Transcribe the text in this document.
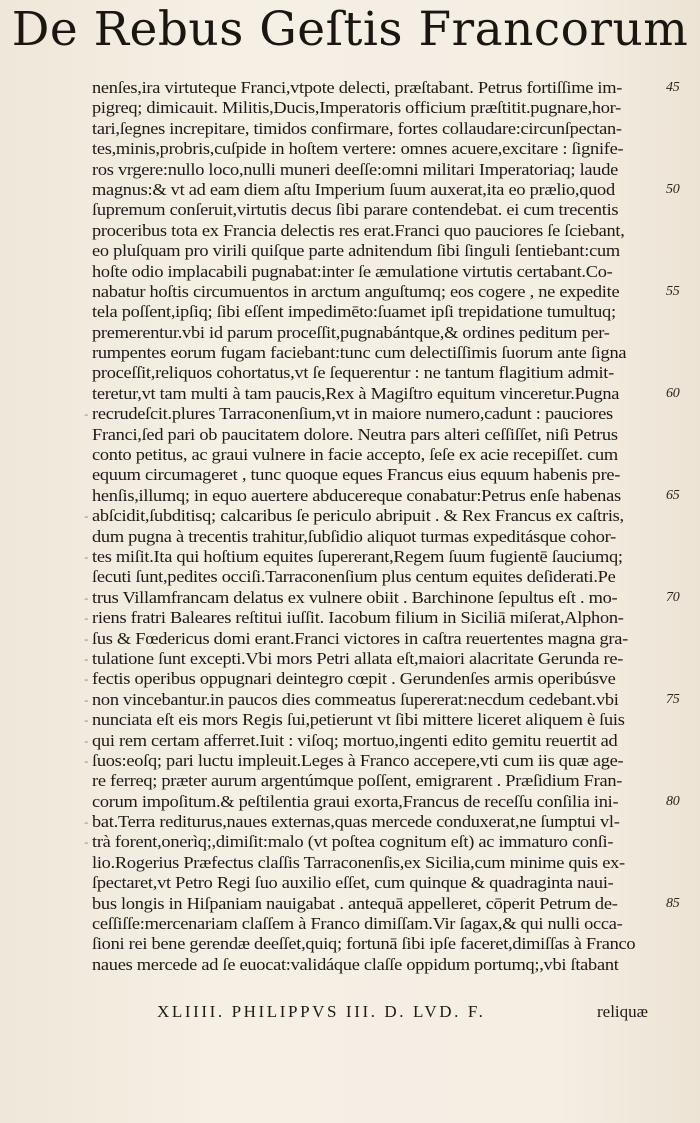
De Rebus Geſtis Francorum
nenſes,ira virtuteque Franci,vtpote delecti, præſtabant. Petrus fortiſſime im-	45
pigreq; dimicauit. Militis,Ducis,Imperatoris officium præſtitit.pugnare,hor-
tari,ſegnes increpitare, timidos confirmare, fortes collaudare:circunſpectan-
tes,minis,probris,cuſpide in hoſtem vertere: omnes acuere,excitare : ſignife-
ros vrgere:nullo loco,nulli muneri deeſſe:omni militari Imperatoriaq; laude
magnus:& vt ad eam diem aſtu Imperium ſuum auxerat,ita eo prælio,quod	50
ſupremum conſeruit,virtutis decus ſibi parare contendebat. ei cum trecentis
proceribus tota ex Francia delectis res erat.Franci quo pauciores ſe ſciebant,
eo pluſquam pro virili quiſque parte adnitendum ſibi ſinguli ſentiebant:cum
hoſte odio implacabili pugnabat:inter ſe æmulatione virtutis certabant.Co-
nabatur hoſtis circumuentos in arctum anguſtumq; eos cogere , ne expedite	55
tela poſſent,ipſiq; ſibi eſſent impedimēto:ſuamet ipſi trepidatione tumultuq;
premerentur.vbi id parum proceſſit,pugnabántque,& ordines peditum per-
rumpentes eorum fugam faciebant:tunc cum delectiſſimis ſuorum ante ſigna
proceſſit,reliquos cohortatus,vt ſe ſequerentur : ne tantum flagitium admit-
teretur,vt tam multi à tam paucis,Rex à Magiſtro equitum vinceretur.Pugna	60
recrudeſcit.plures Tarraconenſium,vt in maiore numero,cadunt : pauciores
-
Franci,ſed pari ob paucitatem dolore. Neutra pars alteri ceſſiſſet, niſi Petrus
conto petitus, ac graui vulnere in facie accepto, ſeſe ex acie recepiſſet. cum
equum circumageret , tunc quoque eques Francus eius equum habenis pre-
henſis,illumq; in equo auertere abducereque conabatur:Petrus enſe habenas	65
abſcidit,ſubditisq; calcaribus ſe periculo abripuit . & Rex Francus ex caſtris,
-
dum pugna à trecentis trahitur,ſubſidio aliquot turmas expeditásque cohor-
tes miſit.Ita qui hoſtium equites ſupererant,Regem ſuum fugientē ſauciumq;
-
ſecuti ſunt,pedites occiſi.Tarraconenſium plus centum equites deſiderati.Pe
trus Villamfrancam delatus ex vulnere obiit . Barchinone ſepultus eſt . mo-
-	70
riens fratri Baleares reſtitui iuſſit. Iacobum filium in Siciliā miſerat,Alphon-
-
ſus & Fœdericus domi erant.Franci victores in caſtra reuertentes magna gra-
-
tulatione ſunt excepti.Vbi mors Petri allata eſt,maiori alacritate Gerunda re-
-
fectis operibus oppugnari deintegro cœpit . Gerundenſes armis operibúsve
-
non vincebantur.in paucos dies commeatus ſupererat:necdum cedebant.vbi
-	75
nunciata eſt eis mors Regis ſui,petierunt vt ſibi mittere liceret aliquem è ſuis
-
qui rem certam afferret.Iuit : viſoq; mortuo,ingenti edito gemitu reuertit ad
-
ſuos:eoſq; pari luctu impleuit.Leges à Franco accepere,vti cum iis quæ age-
-
re ferreq; præter aurum argentúmque poſſent, emigrarent . Præſidium Fran-
corum impoſitum.& peſtilentia graui exorta,Francus de receſſu conſilia ini-	80
bat.Terra rediturus,naues externas,quas mercede conduxerat,ne ſumptui vl-
-
trà forent,onerìq;,dimiſit:malo (vt poſtea cognitum eſt) ac immaturo conſi-
-
lio.Rogerius Præfectus claſſis Tarraconenſis,ex Sicilia,cum minime quis ex-
ſpectaret,vt Petro Regi ſuo auxilio eſſet, cum quinque & quadraginta naui-
bus longis in Hiſpaniam nauigabat . antequā appelleret, cōperit Petrum de-	85
ceſſiſſe:mercenariam claſſem à Franco dimiſſam.Vir ſagax,& qui nulli occa-
ſioni rei bene gerendæ deeſſet,quiq; fortunā ſibi ipſe faceret,dimiſſas à Franco
naues mercede ad ſe euocat:validáque claſſe oppidum portumq;,vbi ſtabant
XLIIII. PHILIPPVS III. D. LVD. F.	reliquæ
